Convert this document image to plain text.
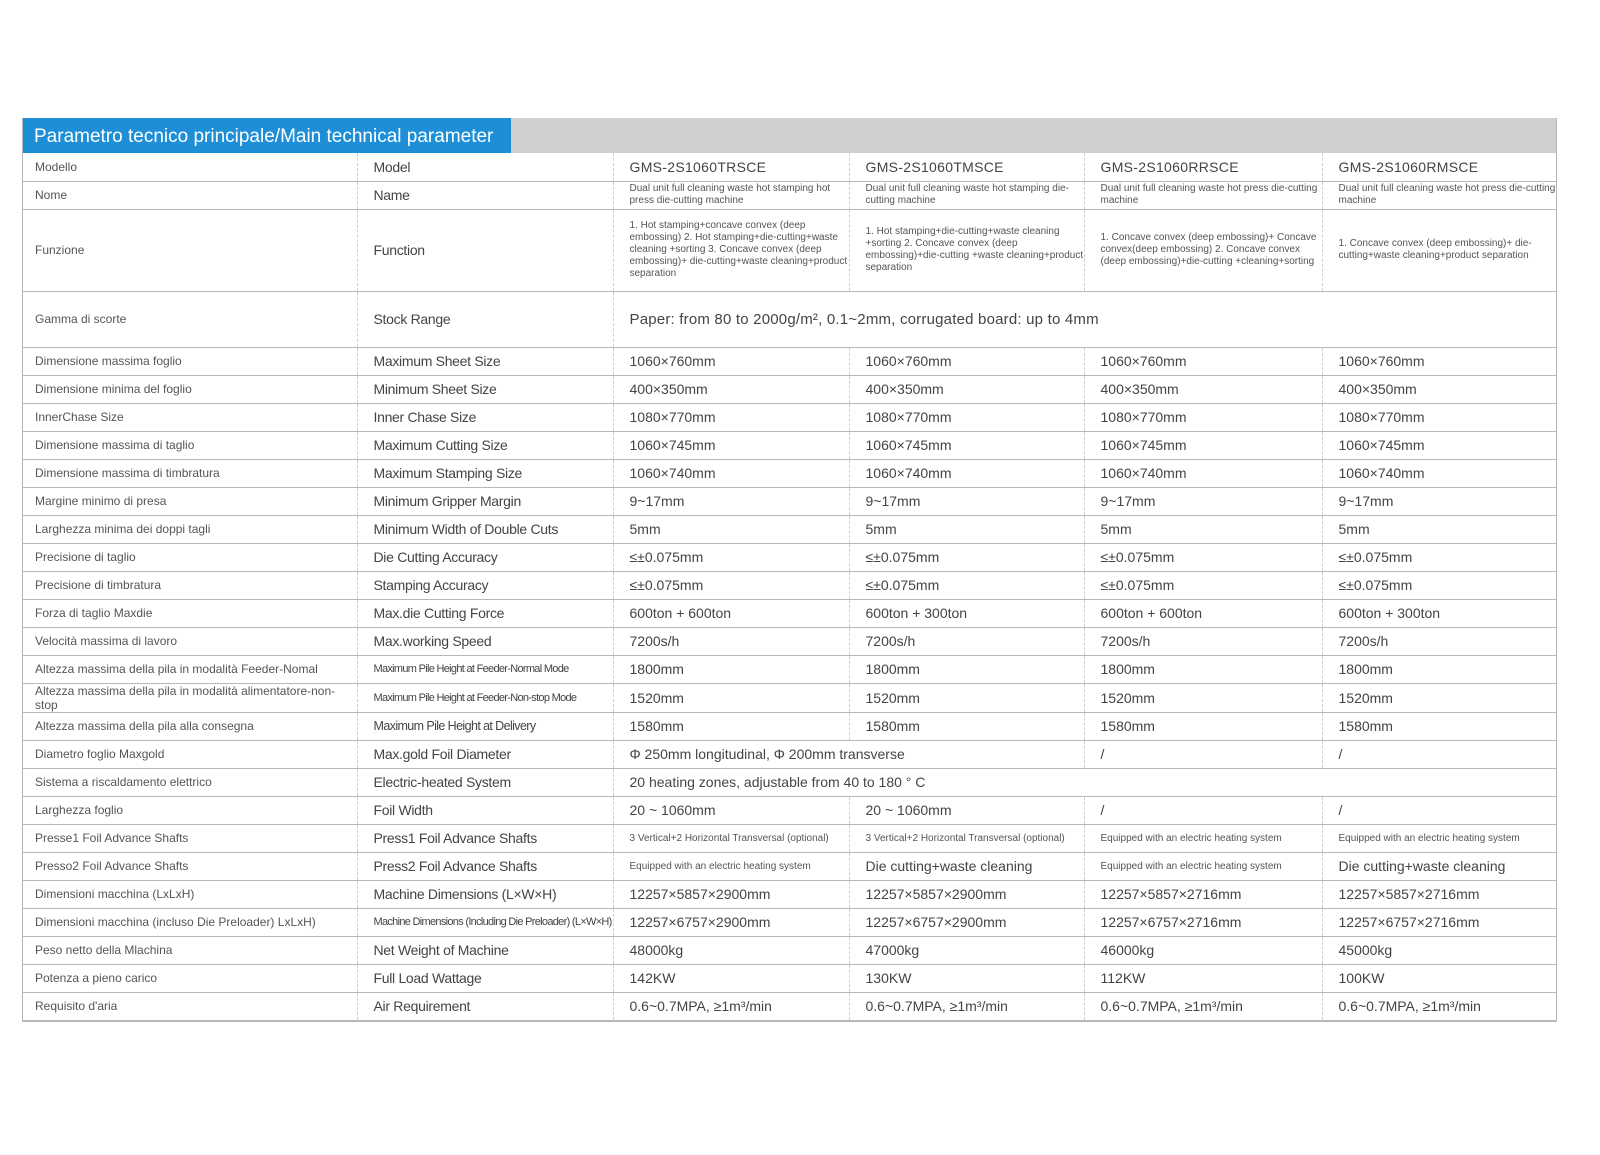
Parametro tecnico principale/Main technical parameter
Modello	Model	GMS-2S1060TRSCE	GMS-2S1060TMSCE	GMS-2S1060RRSCE	GMS-2S1060RMSCE
Nome	Name	Dual unit full cleaning waste hot stamping hot press die-cutting machine	Dual unit full cleaning waste hot stamping die-cutting machine	Dual unit full cleaning waste hot press die-cutting machine	Dual unit full cleaning waste hot press die-cutting machine
Funzione	Function	1. Hot stamping+concave convex (deep embossing) 2. Hot stamping+die-cutting+waste cleaning +sorting 3. Concave convex (deep embossing)+ die-cutting+waste cleaning+product separation	1. Hot stamping+die-cutting+waste cleaning +sorting 2. Concave convex (deep embossing)+die-cutting +waste cleaning+product separation	1. Concave convex (deep embossing)+ Concave convex(deep embossing) 2. Concave convex (deep embossing)+die-cutting +cleaning+sorting	1. Concave convex (deep embossing)+ die-cutting+waste cleaning+product separation
Gamma di scorte	Stock Range	Paper: from 80 to 2000g/m², 0.1~2mm, corrugated board: up to 4mm			
Dimensione massima foglio	Maximum Sheet Size	1060×760mm	1060×760mm	1060×760mm	1060×760mm
Dimensione minima del foglio	Minimum Sheet Size	400×350mm	400×350mm	400×350mm	400×350mm
InnerChase Size	Inner Chase Size	1080×770mm	1080×770mm	1080×770mm	1080×770mm
Dimensione massima di taglio	Maximum Cutting Size	1060×745mm	1060×745mm	1060×745mm	1060×745mm
Dimensione massima di timbratura	Maximum Stamping Size	1060×740mm	1060×740mm	1060×740mm	1060×740mm
Margine minimo di presa	Minimum Gripper Margin	9~17mm	9~17mm	9~17mm	9~17mm
Larghezza minima dei doppi tagli	Minimum Width of Double Cuts	5mm	5mm	5mm	5mm
Precisione di taglio	Die Cutting Accuracy	≤±0.075mm	≤±0.075mm	≤±0.075mm	≤±0.075mm
Precisione di timbratura	Stamping Accuracy	≤±0.075mm	≤±0.075mm	≤±0.075mm	≤±0.075mm
Forza di taglio Maxdie	Max.die Cutting Force	600ton + 600ton	600ton + 300ton	600ton + 600ton	600ton + 300ton
Velocità massima di lavoro	Max.working Speed	7200s/h	7200s/h	7200s/h	7200s/h
Altezza massima della pila in modalità Feeder-Nomal	Maximum Pile Height at Feeder-Normal Mode	1800mm	1800mm	1800mm	1800mm
Altezza massima della pila in modalità alimentatore-non-stop	Maximum Pile Height at Feeder-Non-stop Mode	1520mm	1520mm	1520mm	1520mm
Altezza massima della pila alla consegna	Maximum Pile Height at Delivery	1580mm	1580mm	1580mm	1580mm
Diametro foglio Maxgold	Max.gold Foil Diameter	Φ 250mm longitudinal, Φ 200mm transverse		/	/
Sistema a riscaldamento elettrico	Electric-heated System	20 heating zones, adjustable from 40 to 180 ° C			
Larghezza foglio	Foil Width	20 ~ 1060mm	20 ~ 1060mm	/	/
Presse1 Foil Advance Shafts	Press1 Foil Advance Shafts	3 Vertical+2 Horizontal Transversal (optional)	3 Vertical+2 Horizontal Transversal (optional)	Equipped with an electric heating system	Equipped with an electric heating system
Presso2 Foil Advance Shafts	Press2 Foil Advance Shafts	Equipped with an electric heating system	Die cutting+waste cleaning	Equipped with an electric heating system	Die cutting+waste cleaning
Dimensioni macchina (LxLxH)	Machine Dimensions (L×W×H)	12257×5857×2900mm	12257×5857×2900mm	12257×5857×2716mm	12257×5857×2716mm
Dimensioni macchina (incluso Die Preloader) LxLxH)	Machine Dimensions (Including Die Preloader) (L×W×H)	12257×6757×2900mm	12257×6757×2900mm	12257×6757×2716mm	12257×6757×2716mm
Peso netto della Mlachina	Net Weight of Machine	48000kg	47000kg	46000kg	45000kg
Potenza a pieno carico	Full Load Wattage	142KW	130KW	112KW	100KW
Requisito d'aria	Air Requirement	0.6~0.7MPA, ≥1m³/min	0.6~0.7MPA, ≥1m³/min	0.6~0.7MPA, ≥1m³/min	0.6~0.7MPA, ≥1m³/min
